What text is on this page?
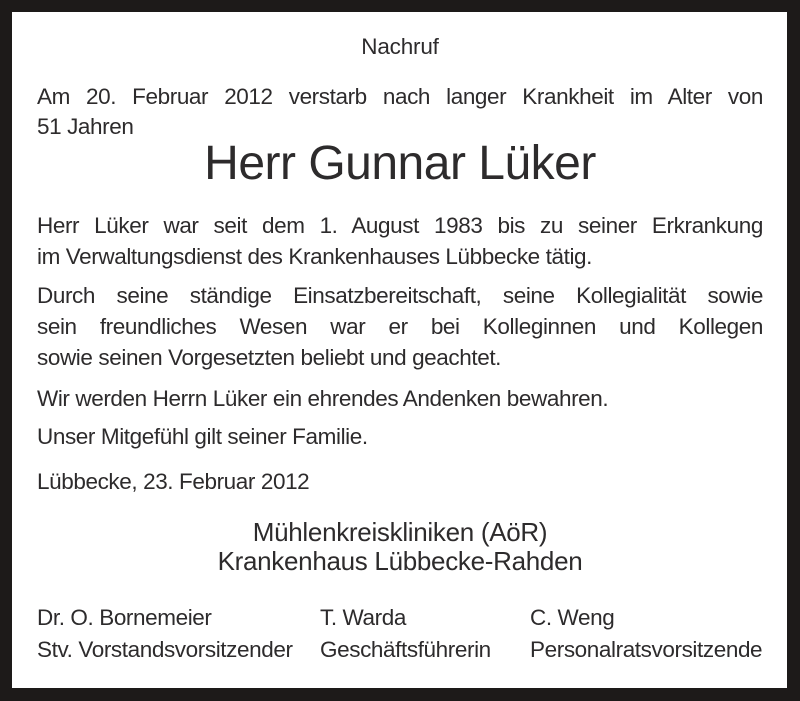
Nachruf
Am 20. Februar 2012 verstarb nach langer Krankheit im Alter von
51 Jahren
Herr Gunnar Lüker
Herr Lüker war seit dem 1. August 1983 bis zu seiner Erkrankung
im Verwaltungsdienst des Krankenhauses Lübbecke tätig.
Durch seine ständige Einsatzbereitschaft, seine Kollegialität sowie
sein freundliches Wesen war er bei Kolleginnen und Kollegen
sowie seinen Vorgesetzten beliebt und geachtet.
Wir werden Herrn Lüker ein ehrendes Andenken bewahren.
Unser Mitgefühl gilt seiner Familie.
Lübbecke, 23. Februar 2012
Mühlenkreiskliniken (AöR)
Krankenhaus Lübbecke-Rahden
Dr. O. Bornemeier
Stv. Vorstandsvorsitzender
T. Warda
Geschäftsführerin
C. Weng
Personalratsvorsitzende
